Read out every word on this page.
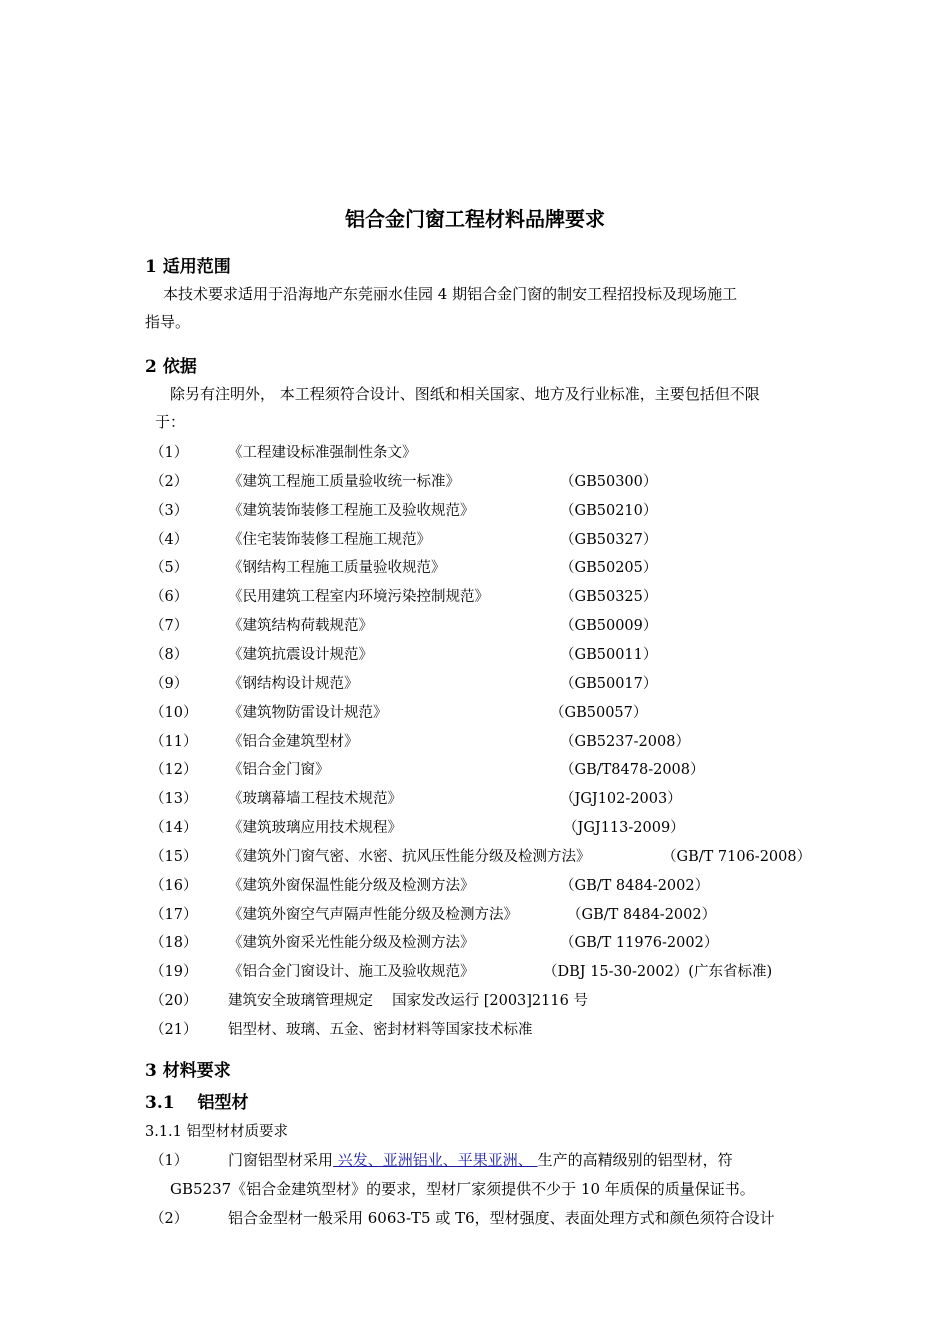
铝合金门窗工程材料品牌要求
1 适用范围
本技术要求适用于沿海地产东莞丽水佳园 4 期铝合金门窗的制安工程招投标及现场施工
指导。
2 依据
除另有注明外， 本工程须符合设计、图纸和相关国家、地方及行业标准，主要包括但不限
于：
（1）	《工程建设标准强制性条文》
（2）	《建筑工程施工质量验收统一标准》	（GB50300）
（3）	《建筑装饰装修工程施工及验收规范》	（GB50210）
（4）	《住宅装饰装修工程施工规范》	（GB50327）
（5）	《钢结构工程施工质量验收规范》	（GB50205）
（6）	《民用建筑工程室内环境污染控制规范》	（GB50325）
（7）	《建筑结构荷载规范》	（GB50009）
（8）	《建筑抗震设计规范》	（GB50011）
（9）	《钢结构设计规范》	（GB50017）
（10） 《建筑物防雷设计规范》	（GB50057）
（11） 《铝合金建筑型材》	（GB5237-2008）
（12） 《铝合金门窗》	（GB/T8478-2008）
（13） 《玻璃幕墙工程技术规范》	（JGJ102-2003）
（14） 《建筑玻璃应用技术规程》	（JGJ113-2009）
（15） 《建筑外门窗气密、水密、抗风压性能分级及检测方法》	（GB/T 7106-2008）
（16） 《建筑外窗保温性能分级及检测方法》	（GB/T 8484-2002）
（17） 《建筑外窗空气声隔声性能分级及检测方法》	（GB/T 8484-2002）
（18） 《建筑外窗采光性能分级及检测方法》	（GB/T 11976-2002）
（19） 《铝合金门窗设计、施工及验收规范》	（DBJ 15-30-2002）(广东省标准)
（20） 建筑安全玻璃管理规定　 国家发改运行 [2003]2116 号
（21） 铝型材、玻璃、五金、密封材料等国家技术标准
3 材料要求
3.1　 铝型材
3.1.1 铝型材材质要求
（1）	门窗铝型材采用 兴发、亚洲铝业、平果亚洲、 生产的高精级别的铝型材，符
GB5237《铝合金建筑型材》的要求，型材厂家须提供不少于 10 年质保的质量保证书。
（2）	铝合金型材一般采用 6063-T5 或 T6，型材强度、表面处理方式和颜色须符合设计
